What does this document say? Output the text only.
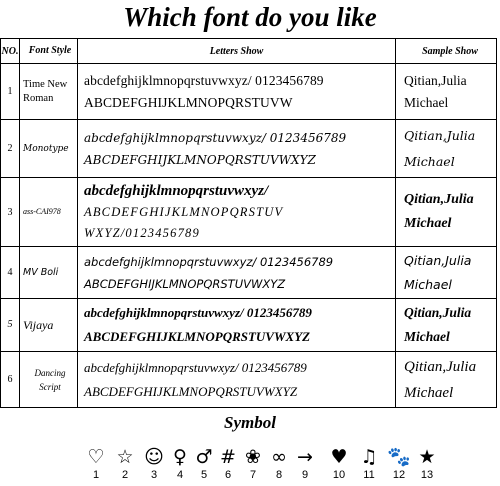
Which font do you like
NO.	Font Style	Letters Show	Sample Show
1	Time New Roman	abcdefghijklmnopqrstuvwxyz/ 0123456789
ABCDEFGHIJKLMNOPQRSTUVW	Qitian,Julia
Michael

2	Monotype	abcdefghijklmnopqrstuvwxyz/ 0123456789
ABCDEFGHIJKLMNOPQRSTUVWXYZ	Qitian,Julia
Michael

3	ass-CAI978	abcdefghijklmnopqrstuvwxyz/
ABCDEFGHIJKLMNOPQRSTUV
WXYZ/0123456789	Qitian,Julia
Michael

4	MV Boli	abcdefghijklmnopqrstuvwxyz/ 0123456789
ABCDEFGHIJKLMNOPQRSTUVWXYZ	Qitian,Julia
Michael

5	Vijaya	abcdefghijklmnopqrstuvwxyz/ 0123456789
ABCDEFGHIJKLMNOPQRSTUVWXYZ	Qitian,Julia
Michael

6	Dancing Script	abcdefghijklmnopqrstuvwxyz/ 0123456789
ABCDEFGHIJKLMNOPQRSTUVWXYZ	Qitian,Julia
Michael
Symbol
♡
1
☆
2
☺
3
♀
4
♂
5
#
6
❀
7
∞
8
→
9
♥
10
♫
11
🐾
12
★
13
